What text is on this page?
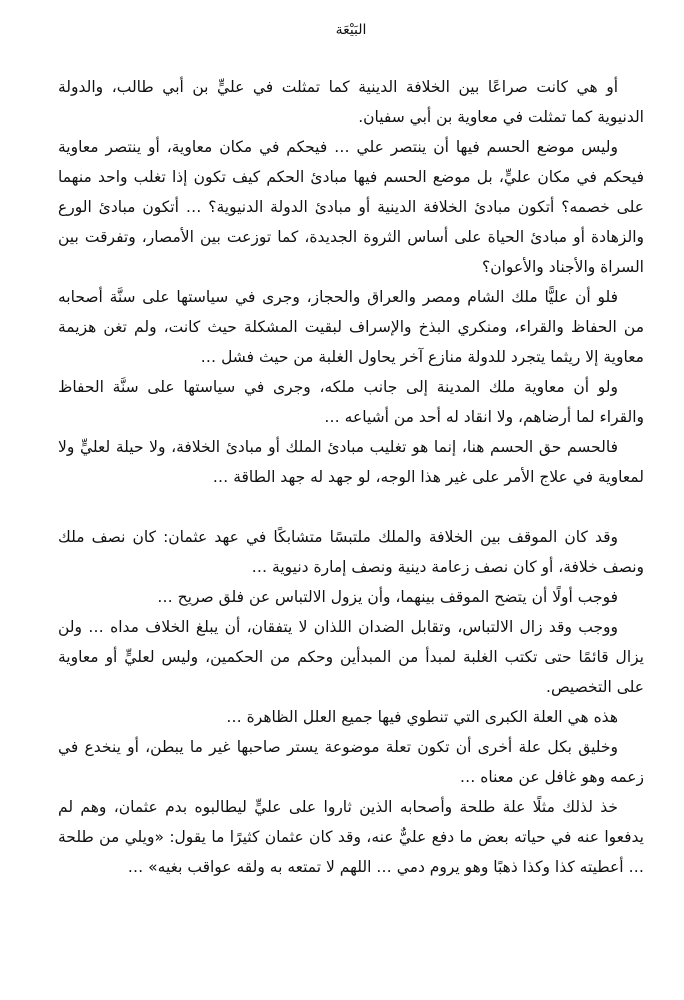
البَيْعَة

أو هي كانت صراعًا بين الخلافة الدينية كما تمثلت في عليٍّ بن أبي طالب، والدولة الدنيوية كما تمثلت في معاوية بن أبي سفيان.

وليس موضع الحسم فيها أن ينتصر علي … فيحكم في مكان معاوية، أو ينتصر معاوية فيحكم في مكان عليٍّ، بل موضع الحسم فيها مبادئ الحكم كيف تكون إذا تغلب واحد منهما على خصمه؟ أتكون مبادئ الخلافة الدينية أو مبادئ الدولة الدنيوية؟ … أتكون مبادئ الورع والزهادة أو مبادئ الحياة على أساس الثروة الجديدة، كما توزعت بين الأمصار، وتفرقت بين السراة والأجناد والأعوان؟

فلو أن عليًّا ملك الشام ومصر والعراق والحجاز، وجرى في سياستها على سنَّة أصحابه من الحفاظ والقراء، ومنكري البذخ والإسراف لبقيت المشكلة حيث كانت، ولم تغن هزيمة معاوية إلا ريثما يتجرد للدولة منازع آخر يحاول الغلبة من حيث فشل …

ولو أن معاوية ملك المدينة إلى جانب ملكه، وجرى في سياستها على سنَّة الحفاظ والقراء لما أرضاهم، ولا انقاد له أحد من أشياعه …

فالحسم حق الحسم هنا، إنما هو تغليب مبادئ الملك أو مبادئ الخلافة، ولا حيلة لعليٍّ ولا لمعاوية في علاج الأمر على غير هذا الوجه، لو جهد له جهد الطاقة …

وقد كان الموقف بين الخلافة والملك ملتبسًا متشابكًا في عهد عثمان: كان نصف ملك ونصف خلافة، أو كان نصف زعامة دينية ونصف إمارة دنيوية …

فوجب أولًا أن يتضح الموقف بينهما، وأن يزول الالتباس عن فلق صريح …

ووجب وقد زال الالتباس، وتقابل الضدان اللذان لا يتفقان، أن يبلغ الخلاف مداه … ولن يزال قائمًا حتى تكتب الغلبة لمبدأ من المبدأين وحكم من الحكمين، وليس لعليٍّ أو معاوية على التخصيص.

هذه هي العلة الكبرى التي تنطوي فيها جميع العلل الظاهرة …

وخليق بكل علة أخرى أن تكون تعلة موضوعة يستر صاحبها غير ما يبطن، أو ينخدع في زعمه وهو غافل عن معناه …

خذ لذلك مثلًا علة طلحة وأصحابه الذين ثاروا على عليٍّ ليطالبوه بدم عثمان، وهم لم يدفعوا عنه في حياته بعض ما دفع عليٌّ عنه، وقد كان عثمان كثيرًا ما يقول: «ويلي من طلحة … أعطيته كذا وكذا ذهبًا وهو يروم دمي … اللهم لا تمتعه به ولقه عواقب بغيه» …
